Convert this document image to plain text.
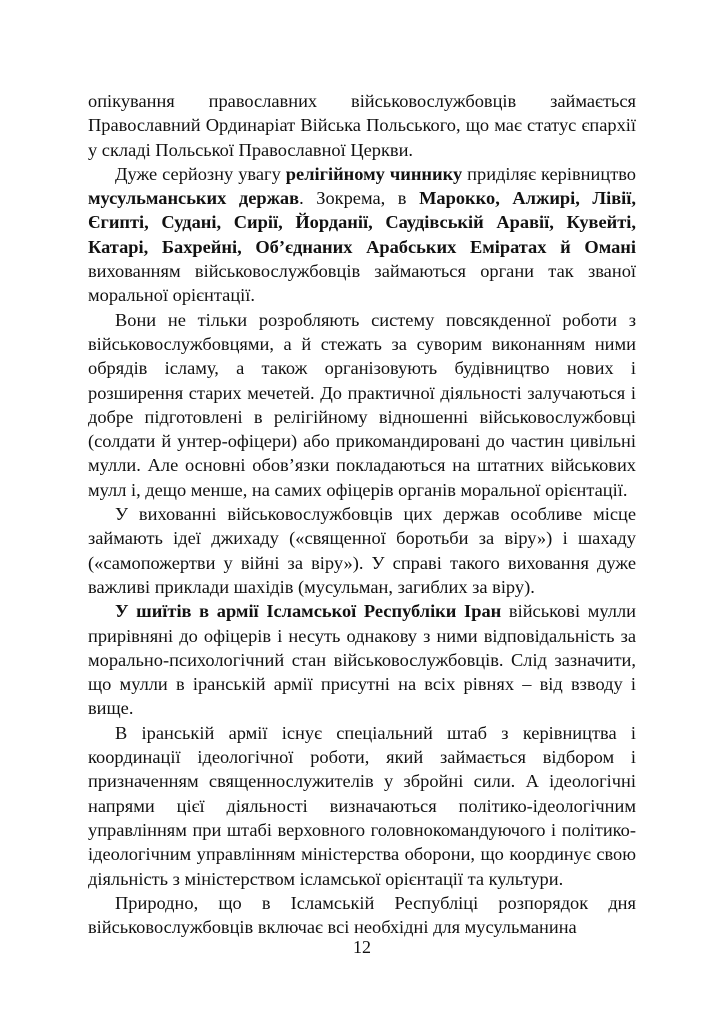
опікування православних військовослужбовців займається Православний Ординаріат Війська Польського, що має статус єпархії у складі Польської Православної Церкви.

Дуже серйозну увагу релігійному чиннику приділяє керівництво мусульманських держав. Зокрема, в Марокко, Алжирі, Лівії, Єгипті, Судані, Сирії, Йорданії, Саудівській Аравії, Кувейті, Катарі, Бахрейні, Об’єднаних Арабських Еміратах й Омані вихованням військовослужбовців займаються органи так званої моральної орієнтації.

Вони не тільки розробляють систему повсякденної роботи з військовослужбовцями, а й стежать за суворим виконанням ними обрядів ісламу, а також організовують будівництво нових і розширення старих мечетей. До практичної діяльності залучаються і добре підготовлені в релігійному відношенні військовослужбовці (солдати й унтер-офіцери) або прикомандировані до частин цивільні мулли. Але основні обов’язки покладаються на штатних військових мулл і, дещо менше, на самих офіцерів органів моральної орієнтації.

У вихованні військовослужбовців цих держав особливе місце займають ідеї джихаду («священної боротьби за віру») і шахаду («самопожертви у війні за віру»). У справі такого виховання дуже важливі приклади шахідів (мусульман, загиблих за віру).

У шиїтів в армії Ісламської Республіки Іран військові мулли прирівняні до офіцерів і несуть однакову з ними відповідальність за морально-психологічний стан військовослужбовців. Слід зазначити, що мулли в іранській армії присутні на всіх рівнях – від взводу і вище.

В іранській армії існує спеціальний штаб з керівництва і координації ідеологічної роботи, який займається відбором і призначенням священнослужителів у збройні сили. А ідеологічні напрями цієї діяльності визначаються політико-ідеологічним управлінням при штабі верховного головнокомандуючого і політико-ідеологічним управлінням міністерства оборони, що координує свою діяльність з міністерством ісламської орієнтації та культури.

Природно, що в Ісламській Республіці розпорядок дня військовослужбовців включає всі необхідні для мусульманина

12
